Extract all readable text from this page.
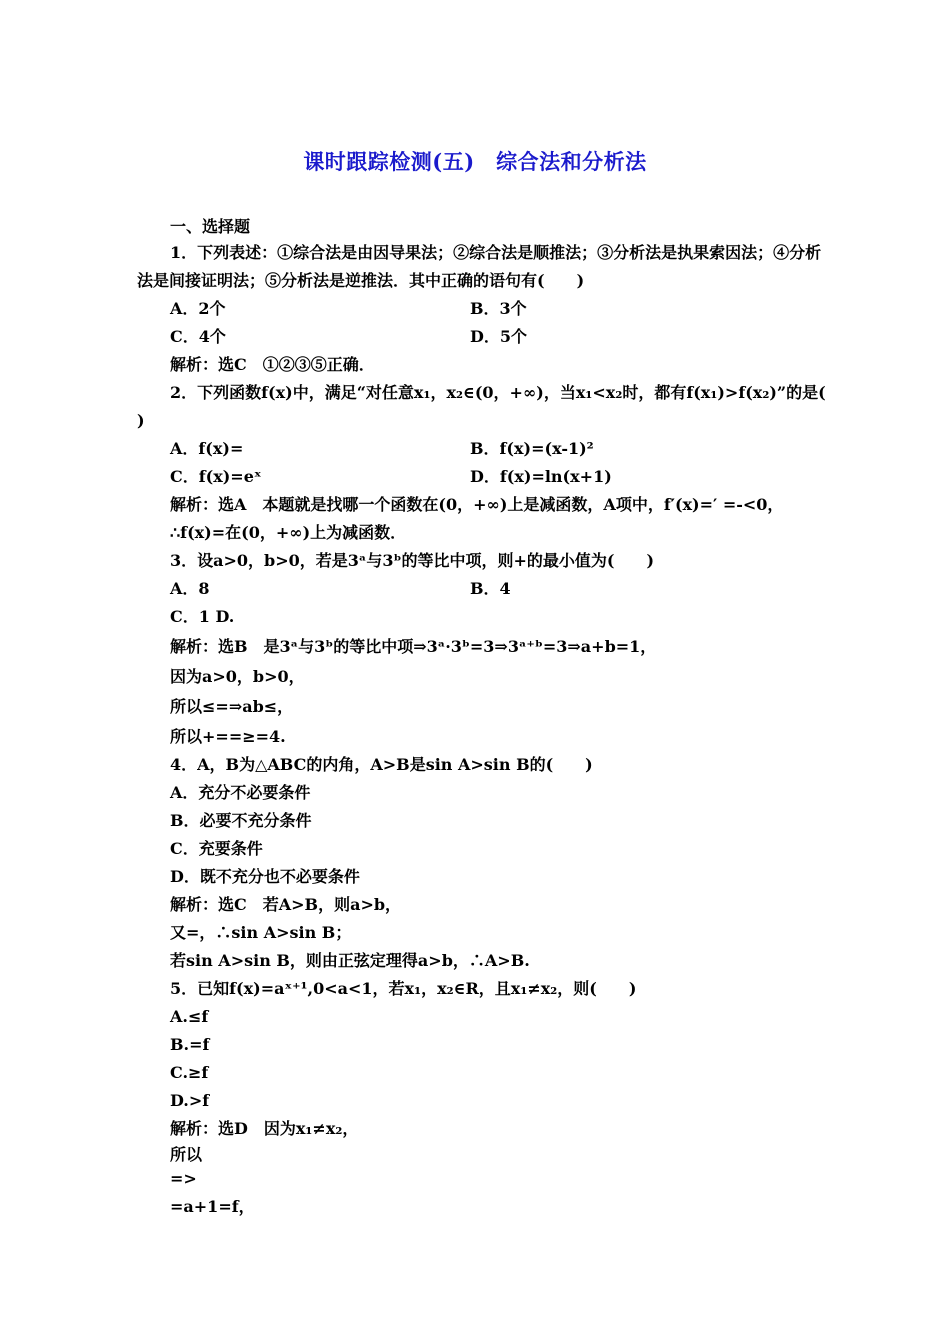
课时跟踪检测(五)　综合法和分析法
一、选择题
1．下列表述：①综合法是由因导果法；②综合法是顺推法；③分析法是执果索因法；④分析
法是间接证明法；⑤分析法是逆推法．其中正确的语句有(　　)
A．2个	B．3个
C．4个	D．5个
解析：选C　①②③⑤正确．
2．下列函数f(x)中，满足“对任意x₁，x₂∈(0，+∞)，当x₁<x₂时，都有f(x₁)>f(x₂)”的是(
)
A．f(x)=	B．f(x)=(x-1)²
C．f(x)=eˣ	D．f(x)=ln(x+1)
解析：选A　本题就是找哪一个函数在(0，+∞)上是减函数，A项中，f′(x)=′ =-<0，
∴f(x)=在(0，+∞)上为减函数．
3．设a>0，b>0，若是3ᵃ与3ᵇ的等比中项，则+的最小值为(　　)
A．8	B．4
C．1 D.
解析：选B　是3ᵃ与3ᵇ的等比中项⇒3ᵃ·3ᵇ=3⇒3ᵃ⁺ᵇ=3⇒a+b=1，
因为a>0，b>0，
所以≤=⇒ab≤，
所以+==≥=4.
4．A，B为△ABC的内角，A>B是sin A>sin B的(　　)
A．充分不必要条件
B．必要不充分条件
C．充要条件
D．既不充分也不必要条件
解析：选C　若A>B，则a>b，
又=，∴sin A>sin B；
若sin A>sin B，则由正弦定理得a>b，∴A>B.
5．已知f(x)=aˣ⁺¹,0<a<1，若x₁，x₂∈R，且x₁≠x₂，则(　　)
A.≤f
B.=f
C.≥f
D.>f
解析：选D　因为x₁≠x₂，
所以
=>
=a+1=f，
